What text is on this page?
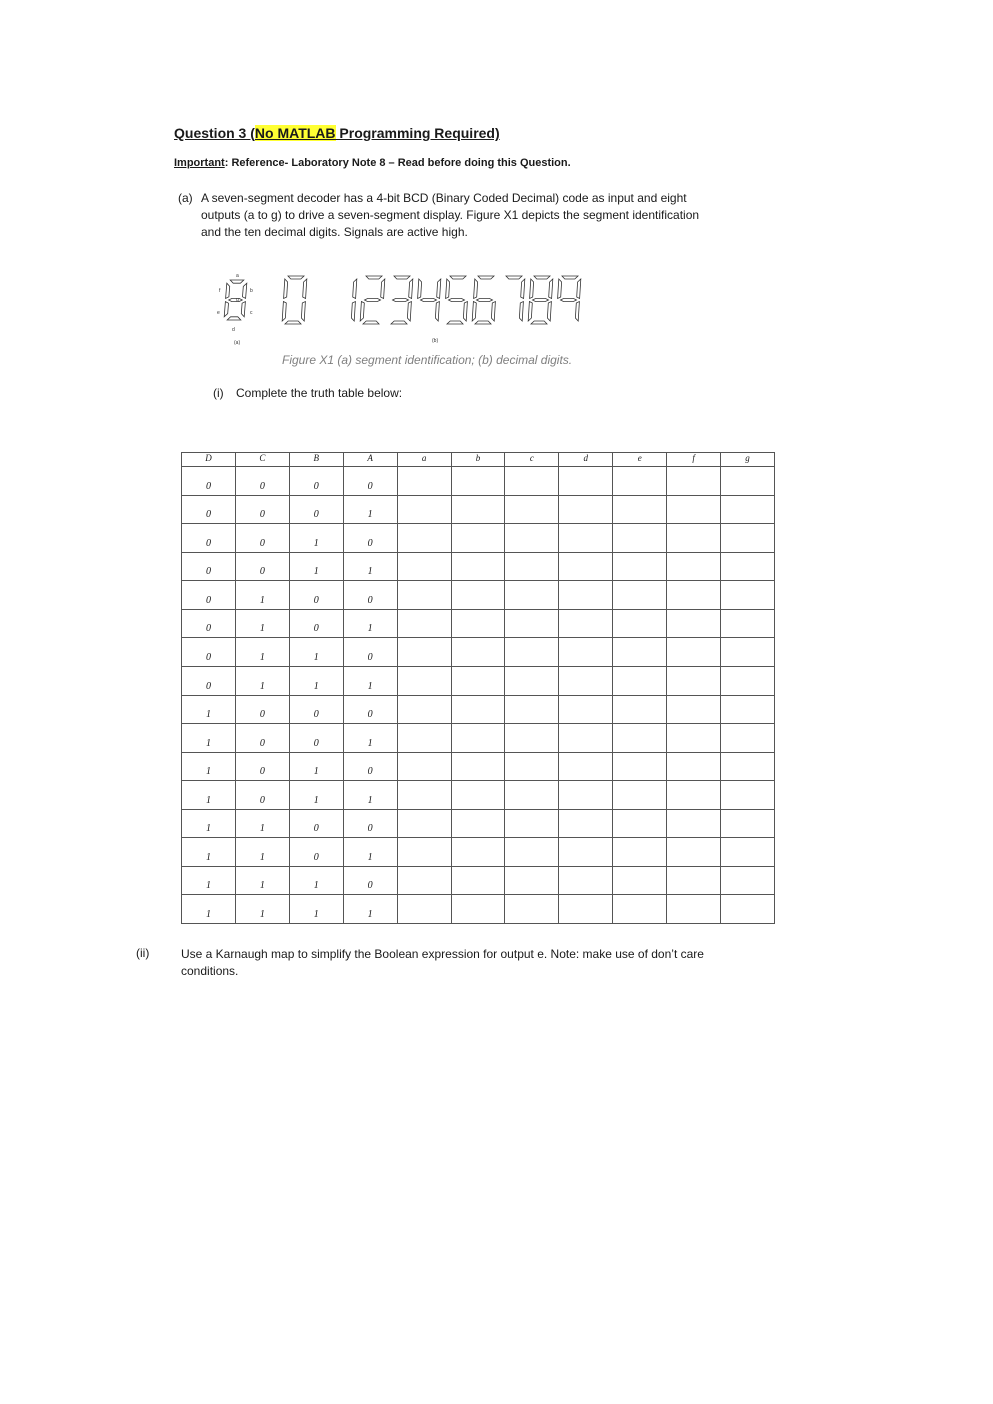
Question 3 (No MATLAB Programming Required)
Important: Reference- Laboratory Note 8 – Read before doing this Question.
(a) A seven-segment decoder has a 4-bit BCD (Binary Coded Decimal) code as input and eight outputs (a to g) to drive a seven-segment display. Figure X1 depicts the segment identification and the ten decimal digits. Signals are active high.
a
b
c
d
e
f
g
(a)	(b)
Figure X1 (a) segment identification; (b) decimal digits.
(i) Complete the truth table below:
D	C	B	A	a	b	c	d	e	f	g
0	0	0	0							
0	0	0	1							
0	0	1	0							
0	0	1	1							
0	1	0	0							
0	1	0	1							
0	1	1	0							
0	1	1	1							
1	0	0	0							
1	0	0	1							
1	0	1	0							
1	0	1	1							
1	1	0	0							
1	1	0	1							
1	1	1	0							
1	1	1	1							
(ii)	Use a Karnaugh map to simplify the Boolean expression for output e. Note: make use of don’t care conditions.
